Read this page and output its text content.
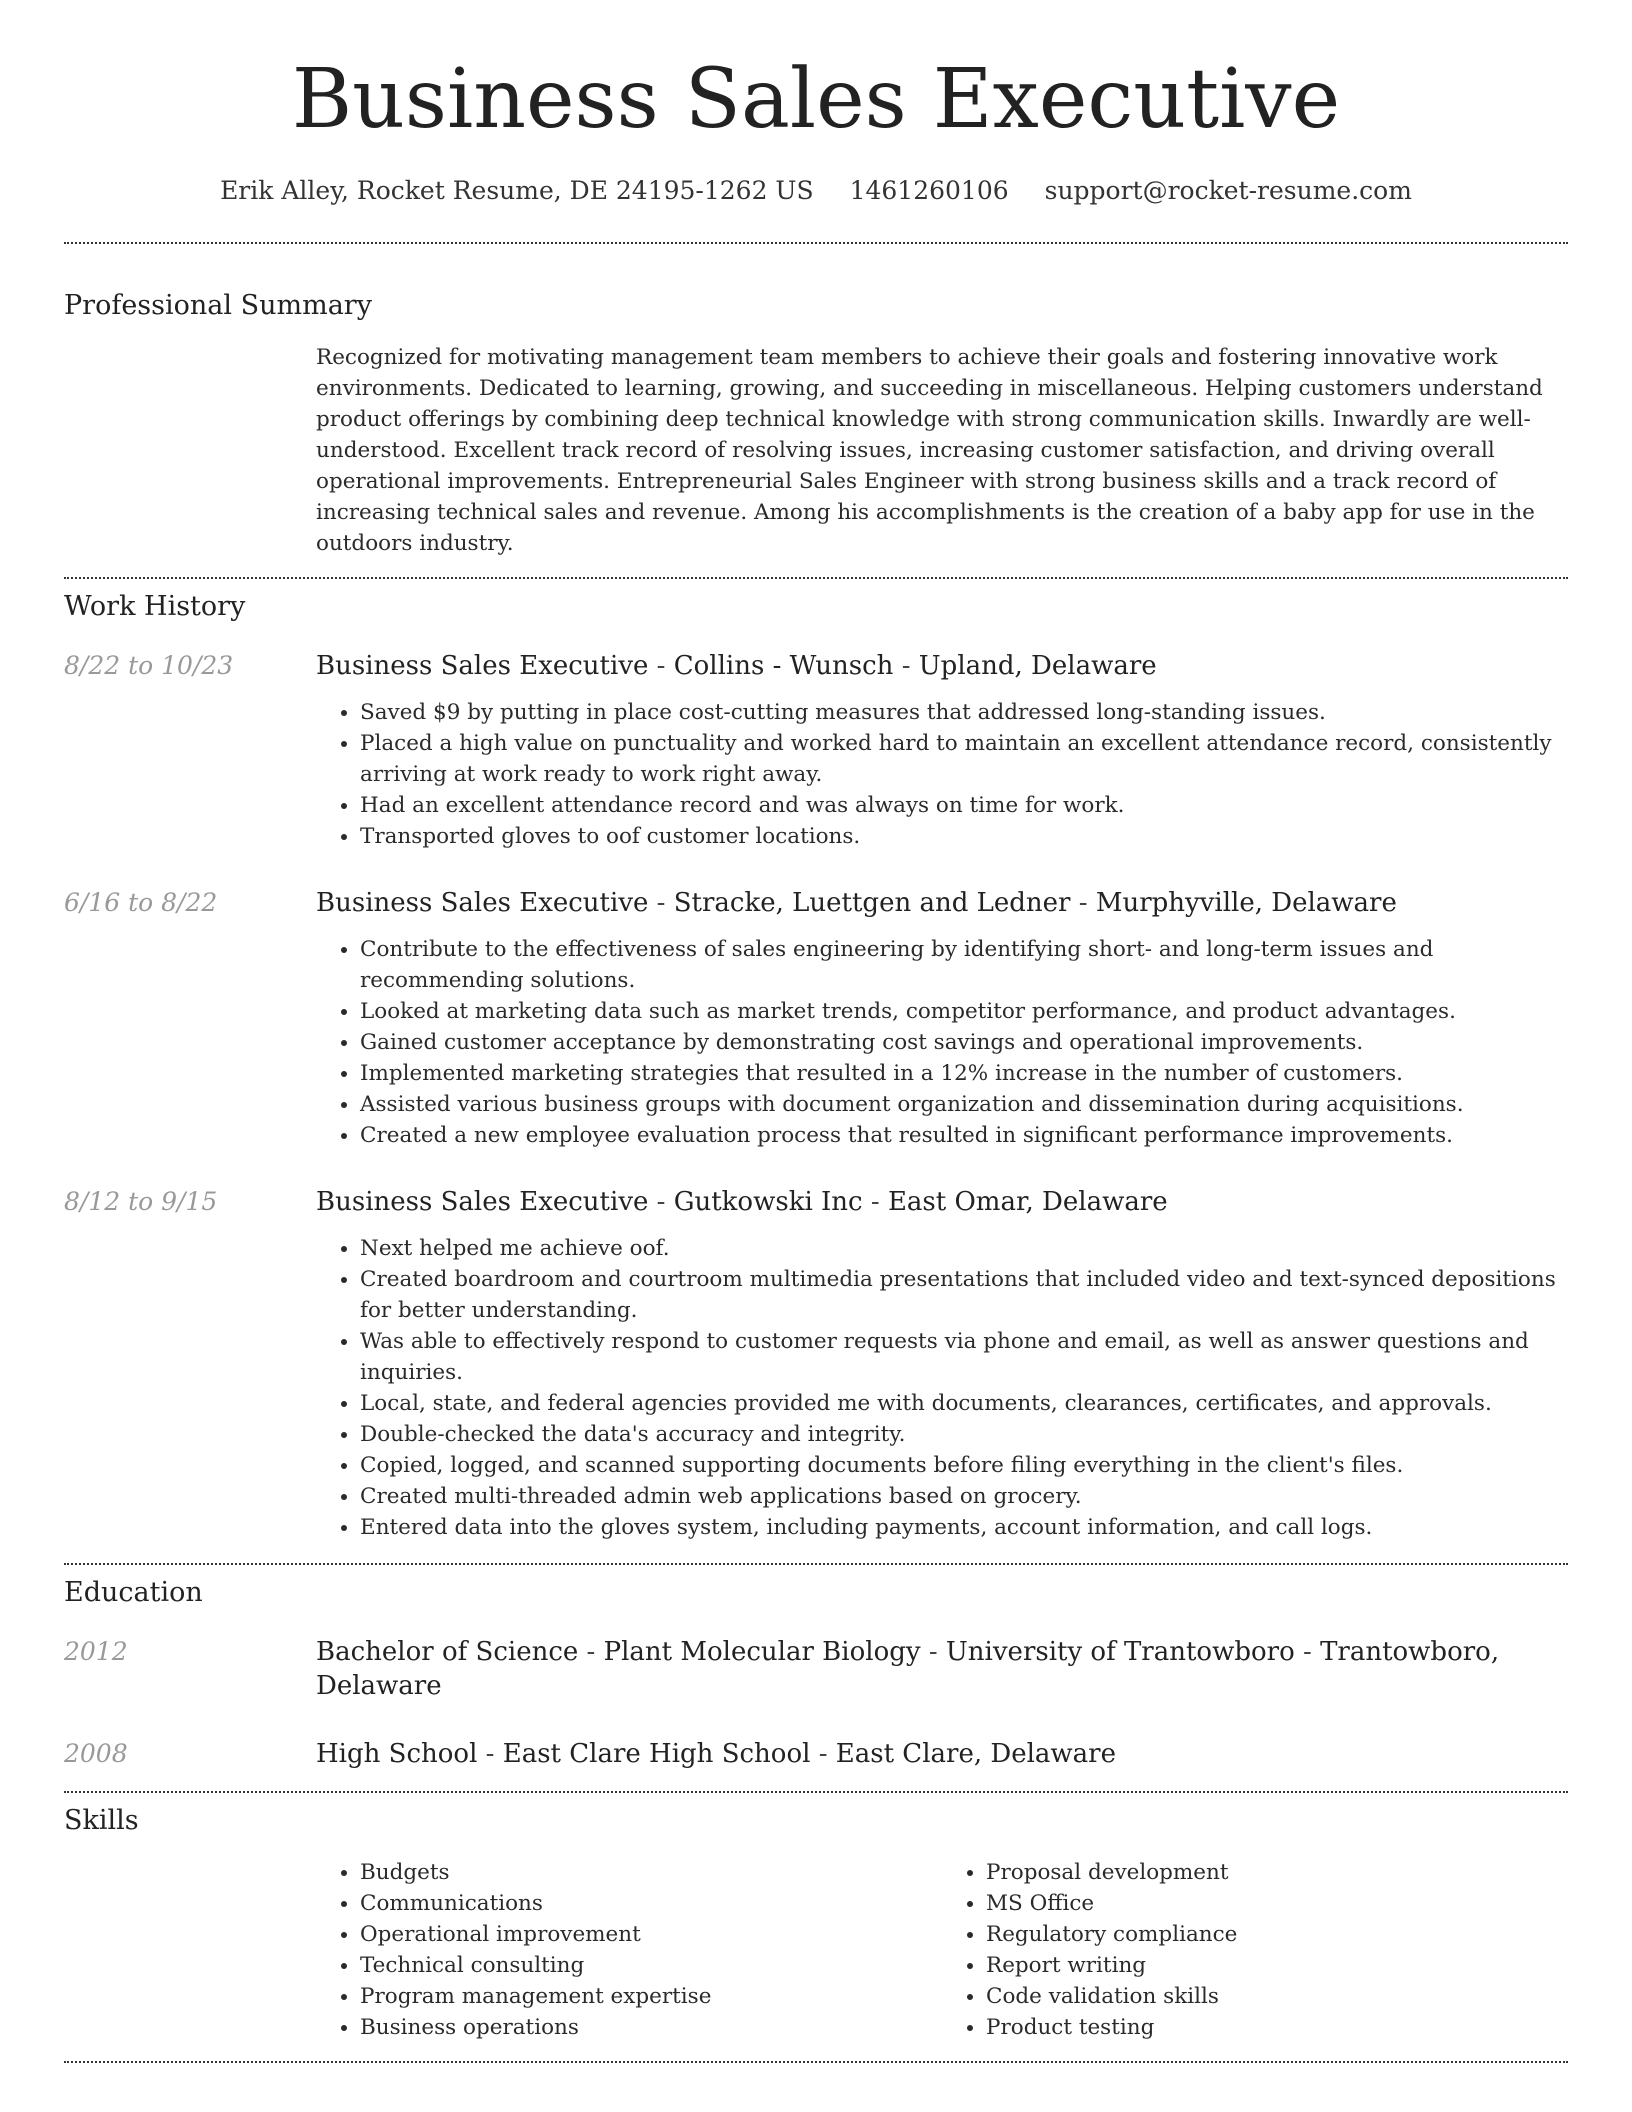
Business Sales Executive
Erik Alley, Rocket Resume, DE 24195-1262 US 1461260106 support@rocket-resume.com
Professional Summary

Recognized for motivating management team members to achieve their goals and fostering innovative work environments. Dedicated to learning, growing, and succeeding in miscellaneous. Helping customers understand product offerings by combining deep technical knowledge with strong communication skills. Inwardly are well-understood. Excellent track record of resolving issues, increasing customer satisfaction, and driving overall operational improvements. Entrepreneurial Sales Engineer with strong business skills and a track record of increasing technical sales and revenue. Among his accomplishments is the creation of a baby app for use in the outdoors industry.

Work History
8/22 to 10/23	Business Sales Executive - Collins - Wunsch - Upland, Delaware
• Saved $9 by putting in place cost-cutting measures that addressed long-standing issues.
• Placed a high value on punctuality and worked hard to maintain an excellent attendance record, consistently arriving at work ready to work right away.
• Had an excellent attendance record and was always on time for work.
• Transported gloves to oof customer locations.
6/16 to 8/22	Business Sales Executive - Stracke, Luettgen and Ledner - Murphyville, Delaware
• Contribute to the effectiveness of sales engineering by identifying short- and long-term issues and recommending solutions.
• Looked at marketing data such as market trends, competitor performance, and product advantages.
• Gained customer acceptance by demonstrating cost savings and operational improvements.
• Implemented marketing strategies that resulted in a 12% increase in the number of customers.
• Assisted various business groups with document organization and dissemination during acquisitions.
• Created a new employee evaluation process that resulted in significant performance improvements.
8/12 to 9/15	Business Sales Executive - Gutkowski Inc - East Omar, Delaware
• Next helped me achieve oof.
• Created boardroom and courtroom multimedia presentations that included video and text-synced depositions for better understanding.
• Was able to effectively respond to customer requests via phone and email, as well as answer questions and inquiries.
• Local, state, and federal agencies provided me with documents, clearances, certificates, and approvals.
• Double-checked the data's accuracy and integrity.
• Copied, logged, and scanned supporting documents before filing everything in the client's files.
• Created multi-threaded admin web applications based on grocery.
• Entered data into the gloves system, including payments, account information, and call logs.
Education
2012	Bachelor of Science - Plant Molecular Biology - University of Trantowboro - Trantowboro, Delaware
2008	High School - East Clare High School - East Clare, Delaware
Skills
• Budgets
• Communications
• Operational improvement
• Technical consulting
• Program management expertise
• Business operations
• Proposal development
• MS Office
• Regulatory compliance
• Report writing
• Code validation skills
• Product testing
